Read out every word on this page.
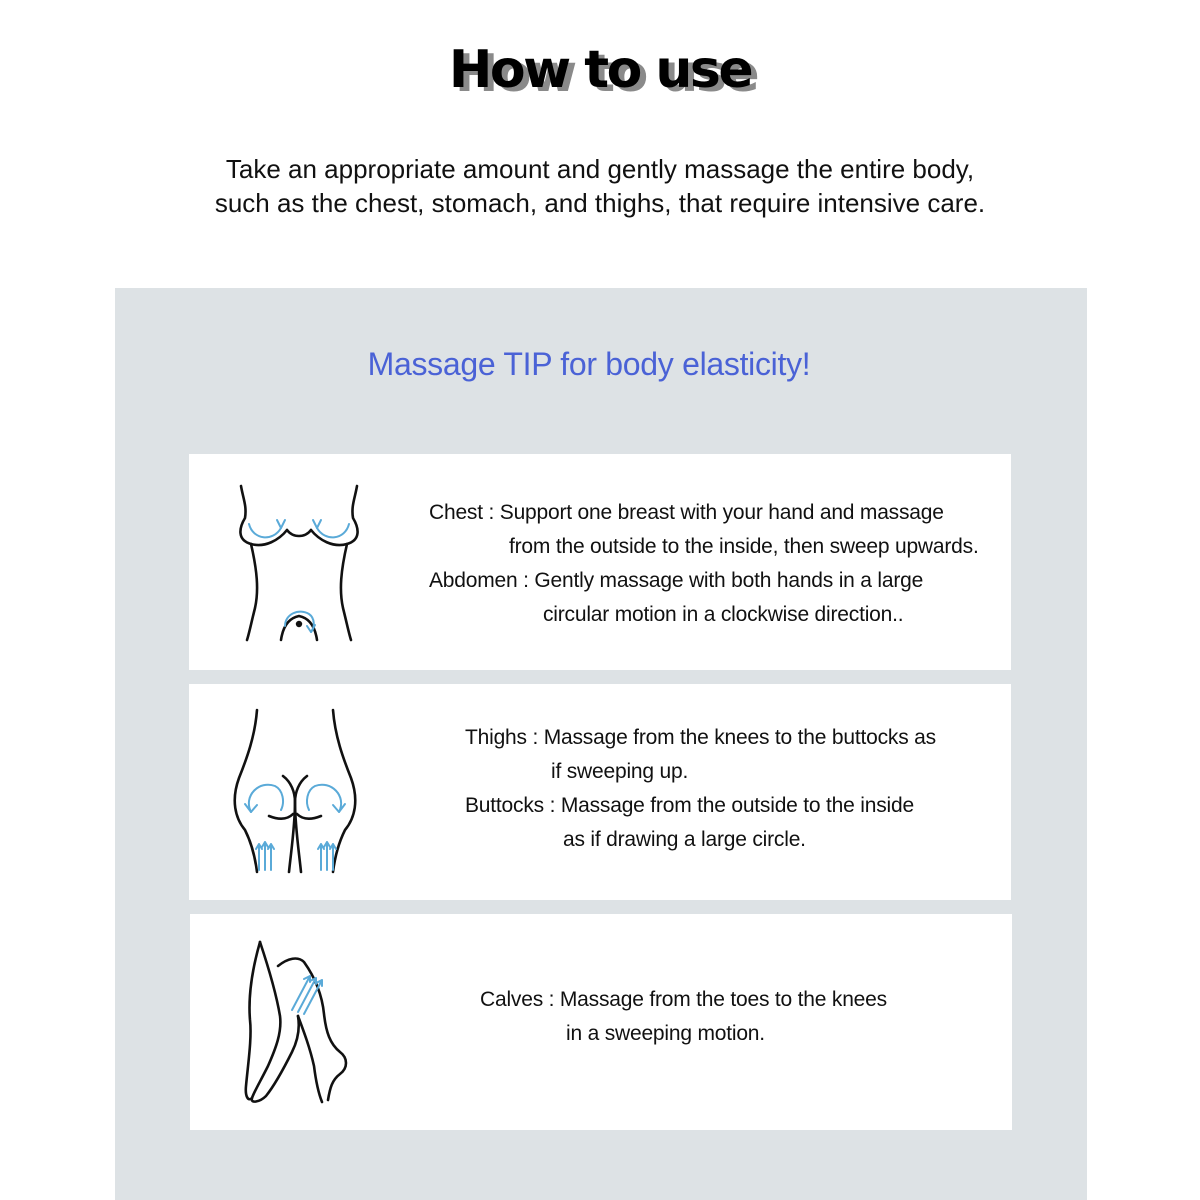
How to use
Take an appropriate amount and gently massage the entire body,
such as the chest, stomach, and thighs, that require intensive care.
Massage TIP for body elasticity!
Chest : Support one breast with your hand and massage
from the outside to the inside, then sweep upwards.
Abdomen : Gently massage with both hands in a large
circular motion in a clockwise direction..
Thighs : Massage from the knees to the buttocks as
if sweeping up.
Buttocks : Massage from the outside to the inside
as if drawing a large circle.
Calves : Massage from the toes to the knees
in a sweeping motion.
